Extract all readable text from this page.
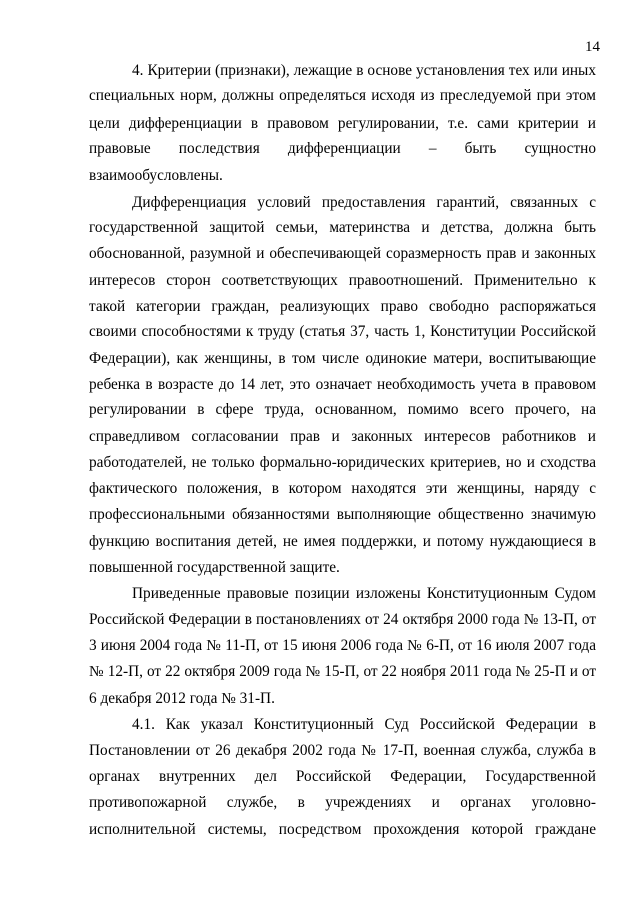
14
4. Критерии (признаки), лежащие в основе установления тех или иных
специальных норм, должны определяться исходя из преследуемой при этом
цели дифференциации в правовом регулировании, т.е. сами критерии и
правовые последствия дифференциации – быть сущностно
взаимообусловлены.
Дифференциация условий предоставления гарантий, связанных с
государственной защитой семьи, материнства и детства, должна быть
обоснованной, разумной и обеспечивающей соразмерность прав и законных
интересов сторон соответствующих правоотношений. Применительно к
такой категории граждан, реализующих право свободно распоряжаться
своими способностями к труду (статья 37, часть 1, Конституции Российской
Федерации), как женщины, в том числе одинокие матери, воспитывающие
ребенка в возрасте до 14 лет, это означает необходимость учета в правовом
регулировании в сфере труда, основанном, помимо всего прочего, на
справедливом согласовании прав и законных интересов работников и
работодателей, не только формально-юридических критериев, но и сходства
фактического положения, в котором находятся эти женщины, наряду с
профессиональными обязанностями выполняющие общественно значимую
функцию воспитания детей, не имея поддержки, и потому нуждающиеся в
повышенной государственной защите.
Приведенные правовые позиции изложены Конституционным Судом
Российской Федерации в постановлениях от 24 октября 2000 года № 13-П, от
3 июня 2004 года № 11-П, от 15 июня 2006 года № 6-П, от 16 июля 2007 года
№ 12-П, от 22 октября 2009 года № 15-П, от 22 ноября 2011 года № 25-П и от
6 декабря 2012 года № 31-П.
4.1. Как указал Конституционный Суд Российской Федерации в
Постановлении от 26 декабря 2002 года № 17-П, военная служба, служба в
органах внутренних дел Российской Федерации, Государственной
противопожарной службе, в учреждениях и органах уголовно-
исполнительной системы, посредством прохождения которой граждане
